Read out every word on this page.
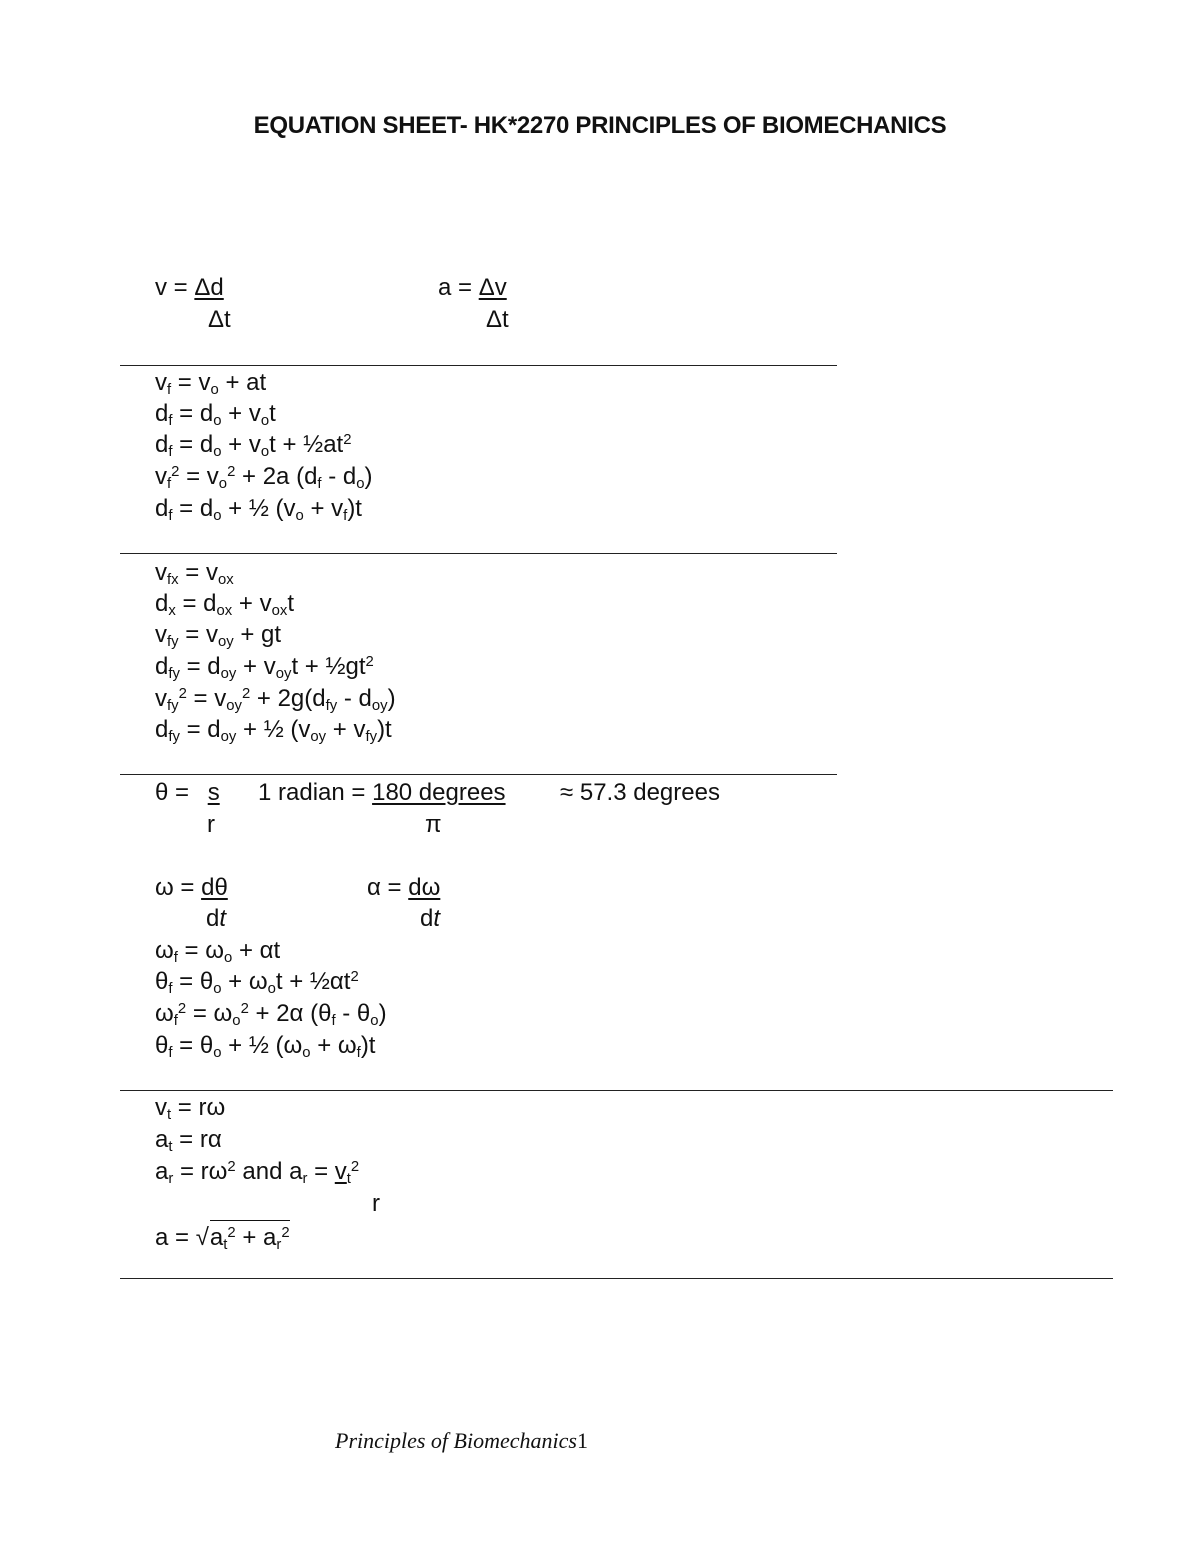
EQUATION SHEET- HK*2270 PRINCIPLES OF BIOMECHANICS
v = Δd
Δt
a = Δv
Δt
$v_f = v_o$ + at
$d_f = d_o + v_ot$
$d_f = d_o + v_ot$ + $\frac{1}{2}at^2$
$v_f^2 = v_o^2 + 2a$ $(d_f - d_o)$
$d_f = d_o$ + ½ $(v_o + v_f)t$
$v_{fx} = v_{ox}$
$d_x = d_{ox} + v_{ox}t$
$v_{fy} = v_{oy}$ + gt
$d_{fy} = d_{oy} + v_{oy}t$ + $\frac{1}{2}gt^2$
$v_{fy}^2 = v_{oy}^2 + 2g(d_{fy} - d_{oy})$
$d_{fy} = d_{oy}$ + ½ $(v_{oy} + v_{fy})t$
θ = s
r
1 radian = 180 degrees
π
≈ 57.3 degrees
ω = dθ
dt
α = dω
dt
$\omega_f = \omega_o + \alpha t$
$\theta_f = \theta_o + \omega_ot$ + $\frac{1}{2}\alpha t^2$
$\omega_f^2 = \omega_o^2 + 2\alpha$ $(\theta_f - \theta_o)$
$\theta_f = \theta_o$ + ½ $(\omega_o + \omega_f)t$
$v_t = r\omega$
$a_t = r\alpha$
$a_r = r\omega^2$ and $a_r = v_t^2$
r
$a = √a_t^2 + a_r^2$
Principles of Biomechanics1
